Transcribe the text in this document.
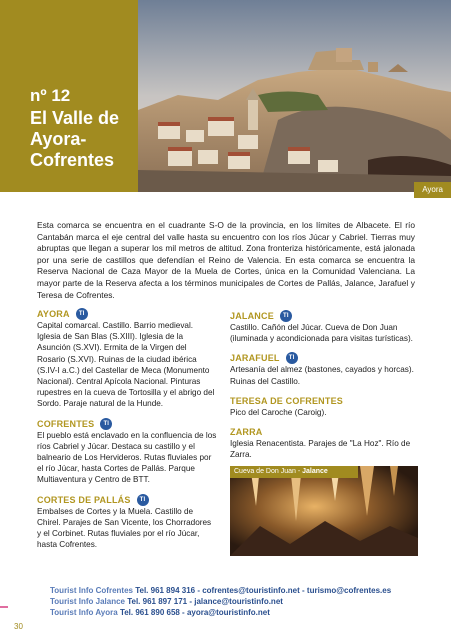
nº 12
El Valle de Ayora-Cofrentes
Ayora

Esta comarca se encuentra en el cuadrante S-O de la provincia, en los límites de Albacete. El río Cantabán marca el eje central del valle hasta su encuentro con los ríos Júcar y Cabriel. Tierras muy abruptas que llegan a superar los mil metros de altitud. Zona fronteriza históricamente, está jalonada por una serie de castillos que defendían el Reino de Valencia. En esta comarca se encuentra la Reserva Nacional de Caza Mayor de la Muela de Cortes, única en la Comunidad Valenciana. La mayor parte de la Reserva afecta a los términos municipales de Cortes de Pallás, Jalance, Jarafuel y Teresa de Cofrentes.

AYORA	TI

Capital comarcal. Castillo. Barrio medieval. Iglesia de San Blas (S.XIII). Iglesia de la Asunción (S.XVI). Ermita de la Virgen del Rosario (S.XVI). Ruinas de la ciudad ibérica (S.IV-I a.C.) del Castellar de Meca (Monumento Nacional). Central Apícola Nacional. Pinturas rupestres en la cueva de Tortosilla y el abrigo del Sordo. Paraje natural de la Hunde.

COFRENTES	TI

El pueblo está enclavado en la confluencia de los ríos Cabriel y Júcar. Destaca su castillo y el balneario de Los Hervideros. Rutas fluviales por el río Júcar, hasta Cortes de Pallás. Parque Multiaventura y Centro de BTT.

CORTES DE PALLÁS	TI

Embalses de Cortes y la Muela. Castillo de Chirel. Parajes de San Vicente, los Chorradores y el Corbinet. Rutas fluviales por el río Júcar, hasta Cofrentes.

JALANCE	TI

Castillo. Cañón del Júcar. Cueva de Don Juan (iluminada y acondicionada para visitas turísticas).

JARAFUEL	TI

Artesanía del almez (bastones, cayados y horcas). Ruinas del Castillo.

TERESA DE COFRENTES

Pico del Caroche (Caroig).

ZARRA

Iglesia Renacentista. Parajes de "La Hoz". Río de Zarra.

Cueva de Don Juan - Jalance
Tourist Info Cofrentes Tel. 961 894 316 - cofrentes@touristinfo.net - turismo@cofrentes.es
Tourist Info Jalance Tel. 961 897 171 - jalance@touristinfo.net
Tourist Info Ayora Tel. 961 890 658 - ayora@touristinfo.net
30
